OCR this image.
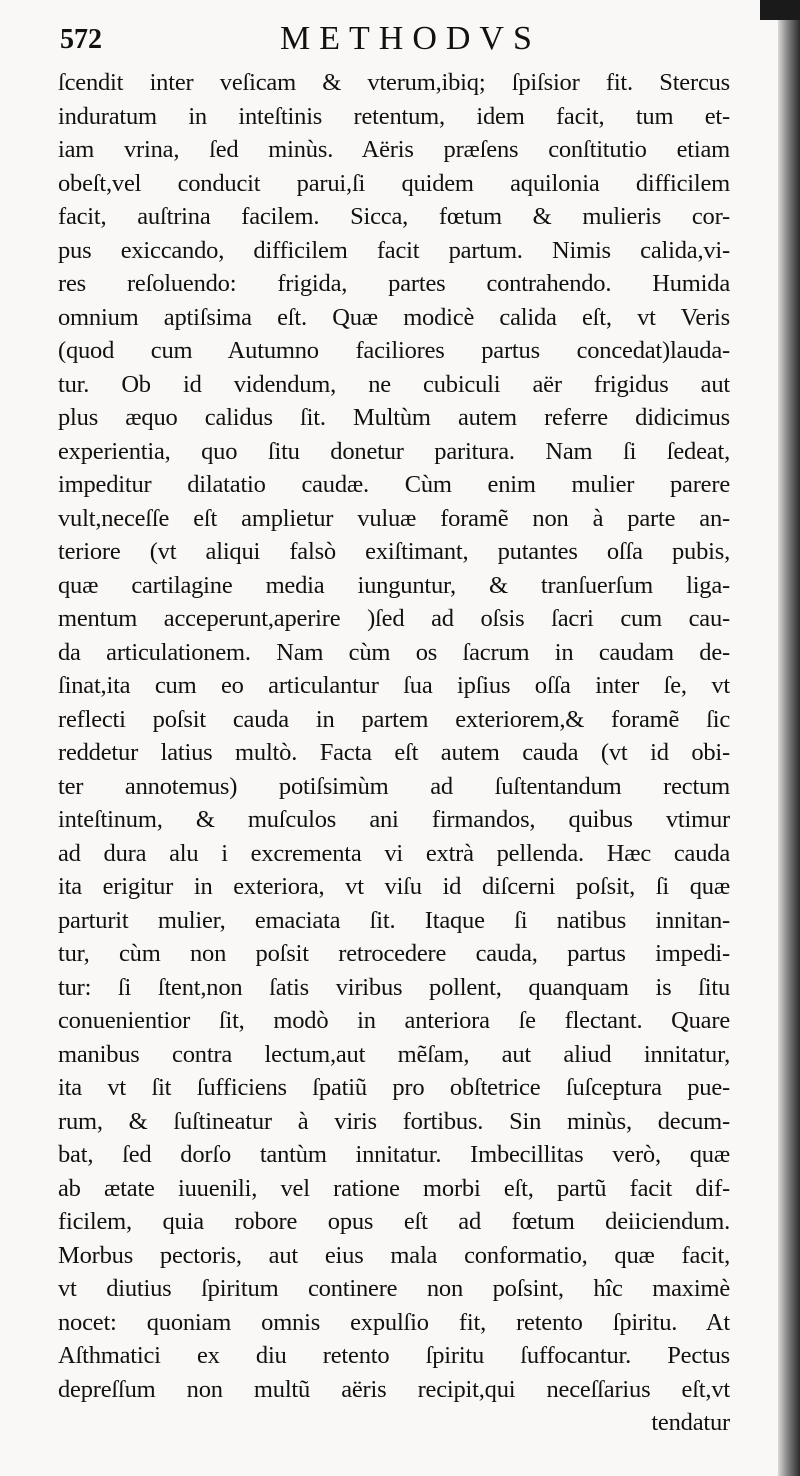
572	METHODVS
ſcendit inter veſicam & vterum,ibiq; ſpiſsior fit. Stercus
induratum in inteſtinis retentum, idem facit, tum et-
iam vrina, ſed minùs. Aëris præſens conſtitutio etiam
obeſt,vel conducit parui,ſi quidem aquilonia difficilem
facit, auſtrina facilem. Sicca, fœtum & mulieris cor-
pus exiccando, difficilem facit partum. Nimis calida,vi-
res reſoluendo: frigida, partes contrahendo. Humida
omnium aptiſsima eſt. Quæ modicè calida eſt, vt Veris
(quod cum Autumno faciliores partus concedat)lauda-
tur. Ob id videndum, ne cubiculi aër frigidus aut
plus æquo calidus ſit. Multùm autem referre didicimus
experientia, quo ſitu donetur paritura. Nam ſi ſedeat,
impeditur dilatatio caudæ. Cùm enim mulier parere
vult,neceſſe eſt amplietur vuluæ foramẽ non à parte an-
teriore (vt aliqui falsò exiſtimant, putantes oſſa pubis,
quæ cartilagine media iunguntur, & tranſuerſum liga-
mentum acceperunt,aperire )ſed ad oſsis ſacri cum cau-
da articulationem. Nam cùm os ſacrum in caudam de-
ſinat,ita cum eo articulantur ſua ipſius oſſa inter ſe, vt
reflecti poſsit cauda in partem exteriorem,& foramẽ ſic
reddetur latius multò. Facta eſt autem cauda (vt id obi-
ter annotemus) potiſsimùm ad ſuſtentandum rectum
inteſtinum, & muſculos ani firmandos, quibus vtimur
ad dura alu i excrementa vi extrà pellenda. Hæc cauda
ita erigitur in exteriora, vt viſu id diſcerni poſsit, ſi quæ
parturit mulier, emaciata ſit. Itaque ſi natibus innitan-
tur, cùm non poſsit retrocedere cauda, partus impedi-
tur: ſi ſtent,non ſatis viribus pollent, quanquam is ſitu
conuenientior ſit, modò in anteriora ſe flectant. Quare
manibus contra lectum,aut mẽſam, aut aliud innitatur,
ita vt ſit ſufficiens ſpatiũ pro obſtetrice ſuſceptura pue-
rum, & ſuſtineatur à viris fortibus. Sin minùs, decum-
bat, ſed dorſo tantùm innitatur. Imbecillitas verò, quæ
ab ætate iuuenili, vel ratione morbi eſt, partũ facit dif-
ficilem, quia robore opus eſt ad fœtum deiiciendum.
Morbus pectoris, aut eius mala conformatio, quæ facit,
vt diutius ſpiritum continere non poſsint, hîc maximè
nocet: quoniam omnis expulſio fit, retento ſpiritu. At
Aſthmatici ex diu retento ſpiritu ſuffocantur. Pectus
depreſſum non multũ aëris recipit,qui neceſſarius eſt,vt
tendatur
